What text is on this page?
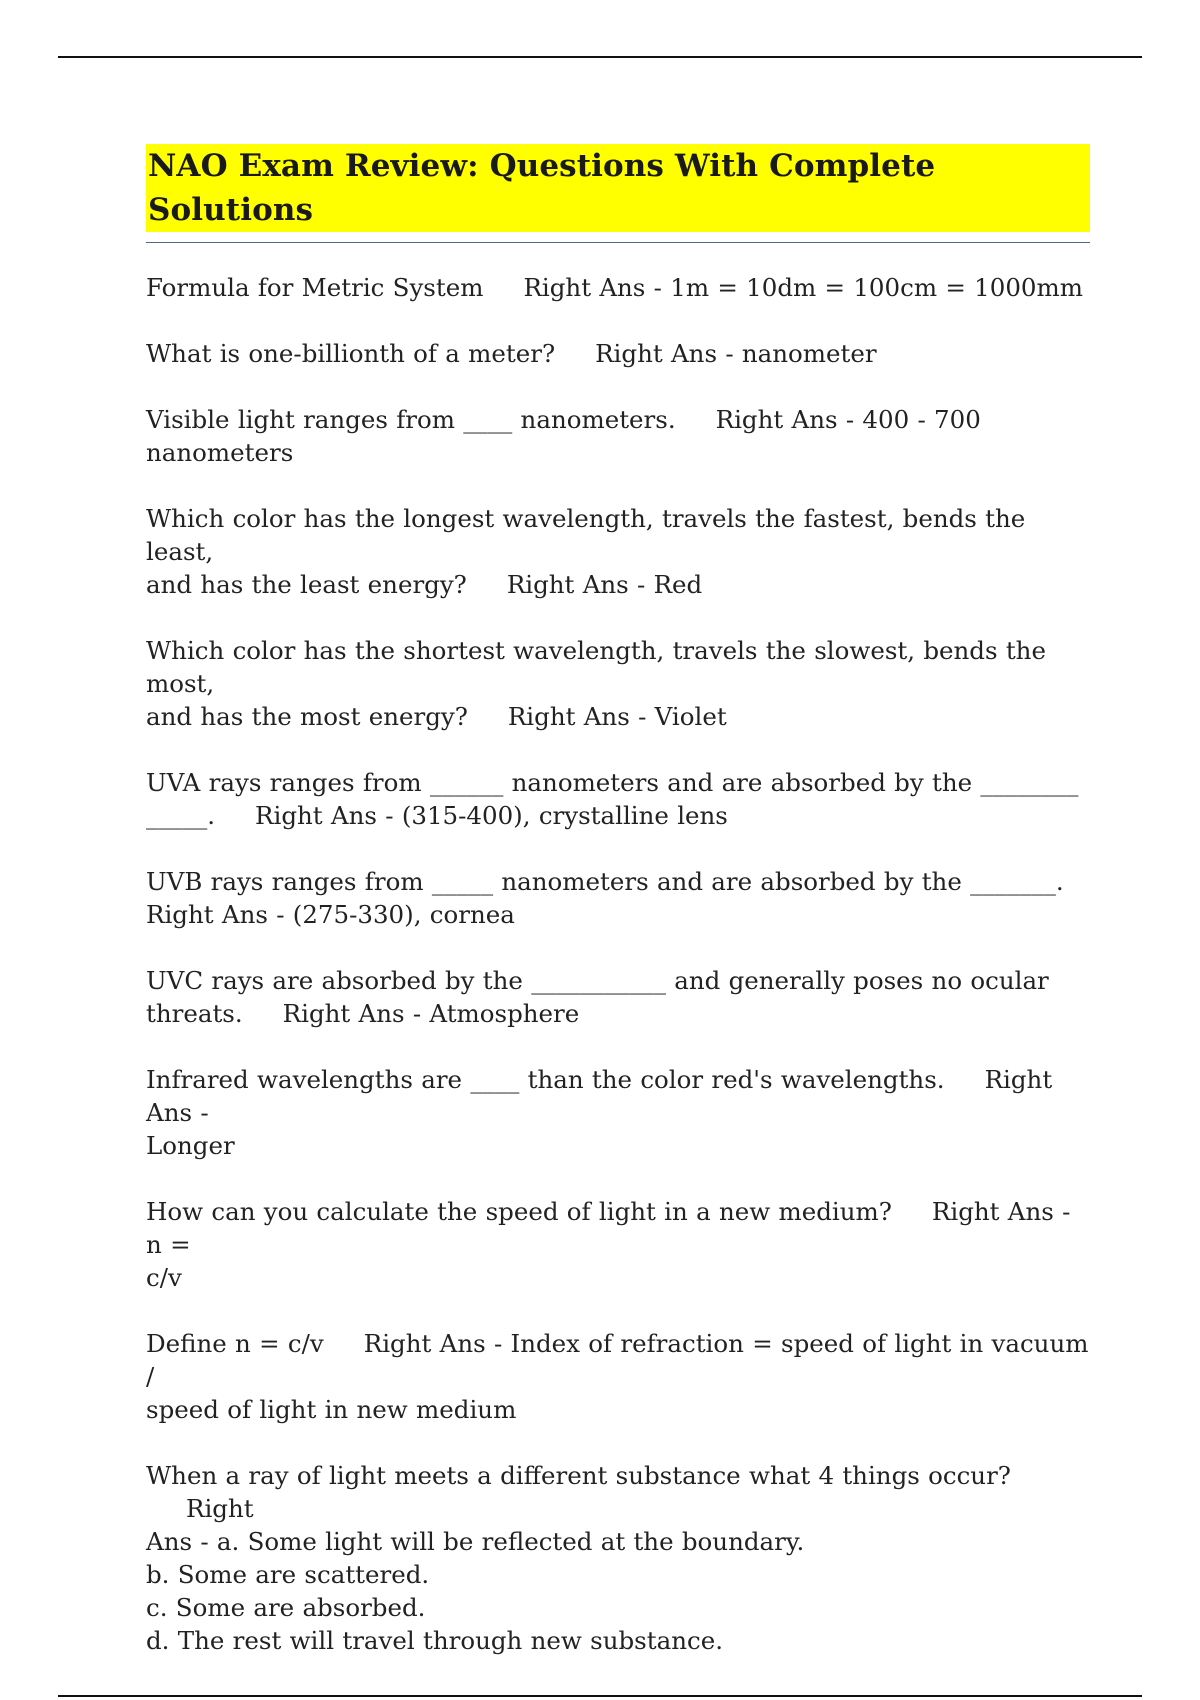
NAO Exam Review: Questions With Complete Solutions
Formula for Metric System Right Ans - 1m = 10dm = 100cm = 1000mm
What is one-billionth of a meter? Right Ans - nanometer
Visible light ranges from ____ nanometers. Right Ans - 400 - 700
nanometers
Which color has the longest wavelength, travels the fastest, bends the least,
and has the least energy? Right Ans - Red
Which color has the shortest wavelength, travels the slowest, bends the most,
and has the most energy? Right Ans - Violet
UVA rays ranges from ______ nanometers and are absorbed by the ________
_____. Right Ans - (315-400), crystalline lens
UVB rays ranges from _____ nanometers and are absorbed by the _______.
Right Ans - (275-330), cornea
UVC rays are absorbed by the ___________ and generally poses no ocular
threats. Right Ans - Atmosphere
Infrared wavelengths are ____ than the color red's wavelengths. Right Ans -
Longer
How can you calculate the speed of light in a new medium? Right Ans - n =
c/v
Define n = c/v Right Ans - Index of refraction = speed of light in vacuum /
speed of light in new medium
When a ray of light meets a different substance what 4 things occur?Right
Ans - a. Some light will be reflected at the boundary.
b. Some are scattered.
c. Some are absorbed.
d. The rest will travel through new substance.
